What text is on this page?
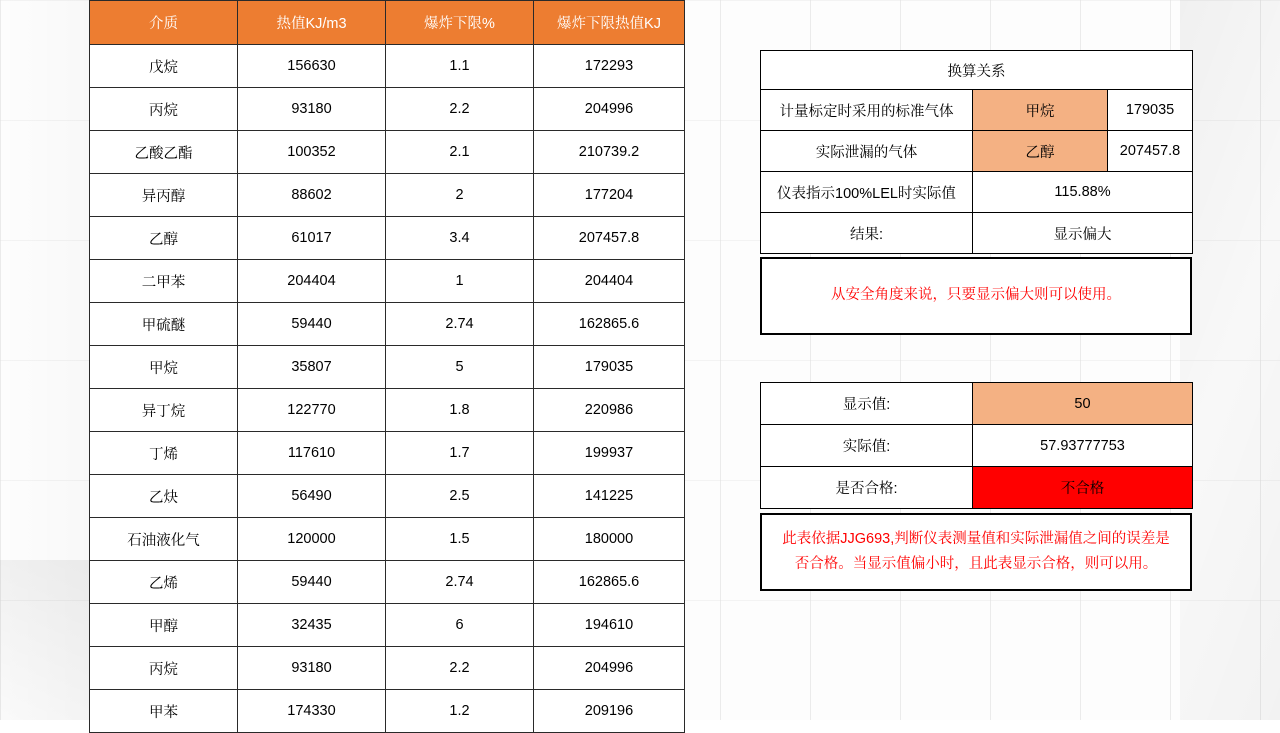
介质	热值KJ/m3	爆炸下限%	爆炸下限热值KJ
戊烷	156630	1.1	172293
丙烷	93180	2.2	204996
乙酸乙酯	100352	2.1	210739.2
异丙醇	88602	2	177204
乙醇	61017	3.4	207457.8
二甲苯	204404	1	204404
甲硫醚	59440	2.74	162865.6
甲烷	35807	5	179035
异丁烷	122770	1.8	220986
丁烯	117610	1.7	199937
乙炔	56490	2.5	141225
石油液化气	120000	1.5	180000
乙烯	59440	2.74	162865.6
甲醇	32435	6	194610
丙烷	93180	2.2	204996
甲苯	174330	1.2	209196
换算关系		
计量标定时采用的标准气体	甲烷	179035
实际泄漏的气体	乙醇	207457.8
仪表指示100%LEL时实际值	115.88%	
结果:	显示偏大	
从安全角度来说，只要显示偏大则可以使用。
显示值:	50
实际值:	57.93777753
是否合格:	不合格
此表依据JJG693,判断仪表测量值和实际泄漏值之间的误差是否合格。当显示值偏小时，且此表显示合格，则可以用。
